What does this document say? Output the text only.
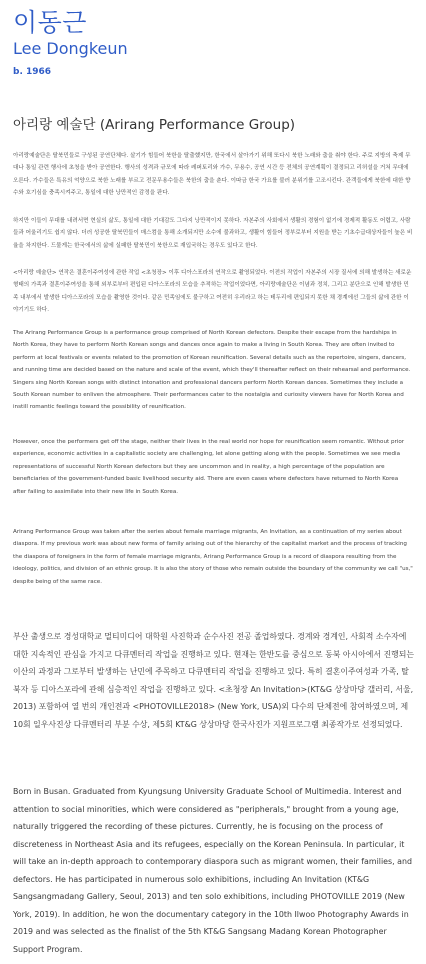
이동근
Lee Dongkeun
b. 1966
아리랑 예술단 (Arirang Performance Group)

아리랑예술단은 탈북민들로 구성된 공연단체다. 살기가 힘들어 북한을 탈출했지만, 한국에서 살아가기 위해 또다시 북한 노래와 춤을 춰야 한다. 주로 지방의 축제 무대나 통일 관련 행사에 초청을 받아 공연한다. 행사의 성격과 규모에 따라 레퍼토리와 가수, 무용수, 공연 시간 등 전체의 공연계획이 결정되고 리허설을 거쳐 무대에 오른다. 가수들은 특유의 억양으로 북한 노래를 부르고 전문무용수들은 북한의 춤을 춘다. 이따금 한국 가요를 불러 분위기를 고조시킨다. 관객들에게 북한에 대한 향수와 호기심을 충족시켜주고, 통일에 대한 낭만적인 감정을 판다.

하지만 이들이 무대를 내려서면 현실의 삶도, 통일에 대한 기대감도 그다지 낭만적이지 못하다. 자본주의 사회에서 생활의 경험이 없기에 경제적 활동도 어렵고, 사람들과 어울리기도 쉽지 않다. 더러 성공한 탈북민들이 매스컴을 통해 소개되지만 소수에 불과하고, 생활이 힘들어 정부로부터 지원을 받는 기초수급대상자들이 높은 비율을 차지한다. 드물게는 한국에서의 삶에 실패한 탈북민이 북한으로 재입국하는 경우도 있다고 한다.

<아리랑 예술단> 연작은 결혼이주여성에 관한 작업 <초청장> 이후 디아스포라의 연작으로 촬영되었다. 이전의 작업이 자본주의 시장 질서에 의해 발생하는 새로운 형태의 가족과 결혼이주여성을 통해 외부로부터 편입된 디아스포라의 모습을 추적하는 작업이었다면, 아리랑예술단은 이념과 정치, 그리고 분단으로 인해 발생한 민족 내부에서 발생한 디아스포라의 모습을 촬영한 것이다. 같은 민족임에도 불구하고 여전히 우리라고 하는 테두리에 편입되지 못한 채 경계에선 그들의 삶에 관한 이야기기도 하다.

The Arirang Performance Group is a performance group comprised of North Korean defectors. Despite their escape from the hardships in North Korea, they have to perform North Korean songs and dances once again to make a living in South Korea. They are often invited to perform at local festivals or events related to the promotion of Korean reunification. Several details such as the repertoire, singers, dancers, and running time are decided based on the nature and scale of the event, which they'll thereafter reflect on their rehearsal and performance. Singers sing North Korean songs with distinct intonation and professional dancers perform North Korean dances. Sometimes they include a South Korean number to enliven the atmosphere. Their performances cater to the nostalgia and curiosity viewers have for North Korea and instill romantic feelings toward the possibility of reunification.

However, once the performers get off the stage, neither their lives in the real world nor hope for reunification seem romantic. Without prior experience, economic activities in a capitalistic society are challenging, let alone getting along with the people. Sometimes we see media representations of successful North Korean defectors but they are uncommon and in reality, a high percentage of the population are beneficiaries of the government-funded basic livelihood security aid. There are even cases where defectors have returned to North Korea after failing to assimilate into their new life in South Korea.

Arirang Performance Group was taken after the series about female marriage migrants, An Invitation, as a continuation of my series about diaspora. If my previous work was about new forms of family arising out of the hierarchy of the capitalist market and the process of tracking the diaspora of foreigners in the form of female marriage migrants, Arirang Performance Group is a record of diaspora resulting from the ideology, politics, and division of an ethnic group. It is also the story of those who remain outside the boundary of the community we call "us," despite being of the same race.

부산 출생으로 경성대학교 멀티미디어 대학원 사진학과 순수사진 전공 졸업하였다. 경계와 경계인, 사회적 소수자에 대한 지속적인 관심을 가지고 다큐멘터리 작업을 진행하고 있다. 현재는 한반도를 중심으로 동북 아시아에서 진행되는 이산의 과정과 그로부터 발생하는 난민에 주목하고 다큐멘터리 작업을 진행하고 있다. 특히 결혼이주여성과 가족, 탈북자 등 디아스포라에 관해 심층적인 작업을 진행하고 있다. <초청장 An Invitation>(KT&G 상상마당 갤러리, 서울, 2013) 포함하여 열 번의 개인전과 <PHOTOVILLE2018> (New York, USA)외 다수의 단체전에 참여하였으며, 제10회 일우사진상 다큐멘터리 부분 수상, 제5회 KT&G 상상마당 한국사진가 지원프로그램 최종작가로 선정되었다.

Born in Busan. Graduated from Kyungsung University Graduate School of Multimedia. Interest and attention to social minorities, which were considered as "peripherals," brought from a young age, naturally triggered the recording of these pictures. Currently, he is focusing on the process of discreteness in Northeast Asia and its refugees, especially on the Korean Peninsula. In particular, it will take an in-depth approach to contemporary diaspora such as migrant women, their families, and defectors. He has participated in numerous solo exhibitions, including An Invitation (KT&G Sangsangmadang Gallery, Seoul, 2013) and ten solo exhibitions, including PHOTOVILLE 2019 (New York, 2019). In addition, he won the documentary category in the 10th Ilwoo Photography Awards in 2019 and was selected as the finalist of the 5th KT&G Sangsang Madang Korean Photographer Support Program.
